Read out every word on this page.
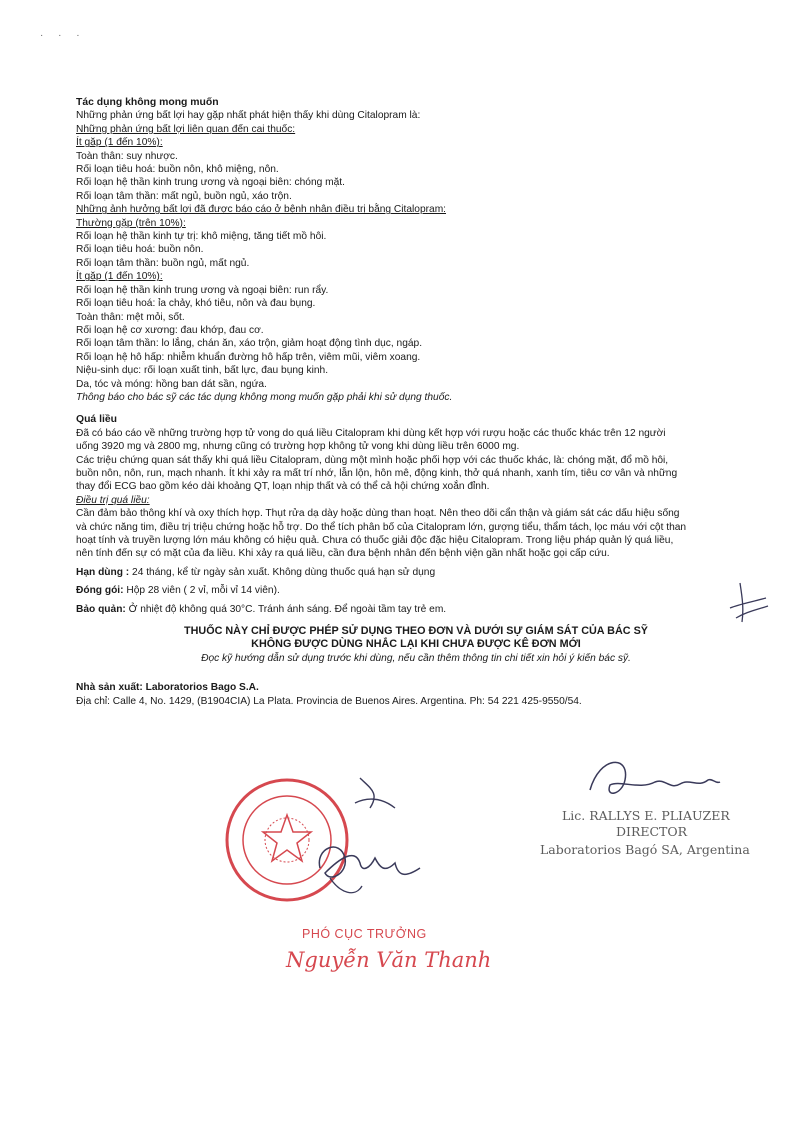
· · ·
Tác dụng không mong muốn
Những phản ứng bất lợi hay gặp nhất phát hiện thấy khi dùng Citalopram là:
Những phản ứng bất lợi liên quan đến cai thuốc:
Ít gặp (1 đến 10%):
Toàn thân: suy nhược.
Rối loạn tiêu hoá: buồn nôn, khô miệng, nôn.
Rối loạn hệ thần kinh trung ương và ngoại biên: chóng mặt.
Rối loạn tâm thần: mất ngủ, buồn ngủ, xáo trộn.
Những ảnh hưởng bất lợi đã được báo cáo ở bệnh nhân điều trị bằng Citalopram:
Thường gặp (trên 10%):
Rối loạn hệ thần kinh tự trị: khô miệng, tăng tiết mồ hôi.
Rối loạn tiêu hoá: buồn nôn.
Rối loạn tâm thần: buồn ngủ, mất ngủ.
Ít gặp (1 đến 10%):
Rối loạn hệ thần kinh trung ương và ngoại biên: run rẩy.
Rối loạn tiêu hoá: ỉa chảy, khó tiêu, nôn và đau bụng.
Toàn thân: mệt mỏi, sốt.
Rối loạn hệ cơ xương: đau khớp, đau cơ.
Rối loạn tâm thần: lo lắng, chán ăn, xáo trộn, giảm hoạt động tình dục, ngáp.
Rối loạn hệ hô hấp: nhiễm khuẩn đường hô hấp trên, viêm mũi, viêm xoang.
Niệu-sinh dục: rối loạn xuất tinh, bất lực, đau bụng kinh.
Da, tóc và móng: hồng ban dát sần, ngứa.
Thông báo cho bác sỹ các tác dụng không mong muốn gặp phải khi sử dụng thuốc.
Quá liều
Đã có báo cáo về những trường hợp tử vong do quá liều Citalopram khi dùng kết hợp với rượu hoặc các thuốc khác trên 12 người
uống 3920 mg và 2800 mg, nhưng cũng có trường hợp không tử vong khi dùng liều trên 6000 mg.
Các triệu chứng quan sát thấy khi quá liều Citalopram, dùng một mình hoặc phối hợp với các thuốc khác, là: chóng mặt, đổ mồ hôi,
buồn nôn, nôn, run, mạch nhanh. Ít khi xảy ra mất trí nhớ, lẫn lộn, hôn mê, động kinh, thở quá nhanh, xanh tím, tiêu cơ vân và những
thay đổi ECG bao gồm kéo dài khoảng QT, loạn nhịp thất và có thể cả hội chứng xoắn đỉnh.
Điều trị quá liều:
Cần đảm bảo thông khí và oxy thích hợp. Thụt rửa dạ dày hoặc dùng than hoạt. Nên theo dõi cẩn thận và giám sát các dấu hiệu sống
và chức năng tim, điều trị triệu chứng hoặc hỗ trợ. Do thể tích phân bố của Citalopram lớn, gượng tiểu, thẩm tách, lọc máu với cột than
hoạt tính và truyền lượng lớn máu không có hiệu quả. Chưa có thuốc giải độc đặc hiệu Citalopram. Trong liệu pháp quản lý quá liều,
nên tính đến sự có mặt của đa liều. Khi xảy ra quá liều, cần đưa bệnh nhân đến bệnh viện gần nhất hoặc gọi cấp cứu.
Hạn dùng : 24 tháng, kể từ ngày sản xuất. Không dùng thuốc quá hạn sử dụng
Đóng gói: Hộp 28 viên ( 2 vỉ, mỗi vỉ 14 viên).
Bảo quản: Ở nhiệt độ không quá 30°C. Tránh ánh sáng. Để ngoài tầm tay trẻ em.
THUỐC NÀY CHỈ ĐƯỢC PHÉP SỬ DỤNG THEO ĐƠN VÀ DƯỚI SỰ GIÁM SÁT CỦA BÁC SỸ
KHÔNG ĐƯỢC DÙNG NHẮC LẠI KHI CHƯA ĐƯỢC KÊ ĐƠN MỚI
Đọc kỹ hướng dẫn sử dụng trước khi dùng, nếu cần thêm thông tin chi tiết xin hỏi ý kiến bác sỹ.
Nhà sản xuất: Laboratorios Bago S.A.
Địa chỉ: Calle 4, No. 1429, (B1904CIA) La Plata. Provincia de Buenos Aires. Argentina. Ph: 54 221 425-9550/54.
Lic. RALLYS E. PLIAUZER
DIRECTOR
Laboratorios Bagó SA, Argentina
PHÓ CỤC TRƯỞNG
Nguyễn Văn Thanh
